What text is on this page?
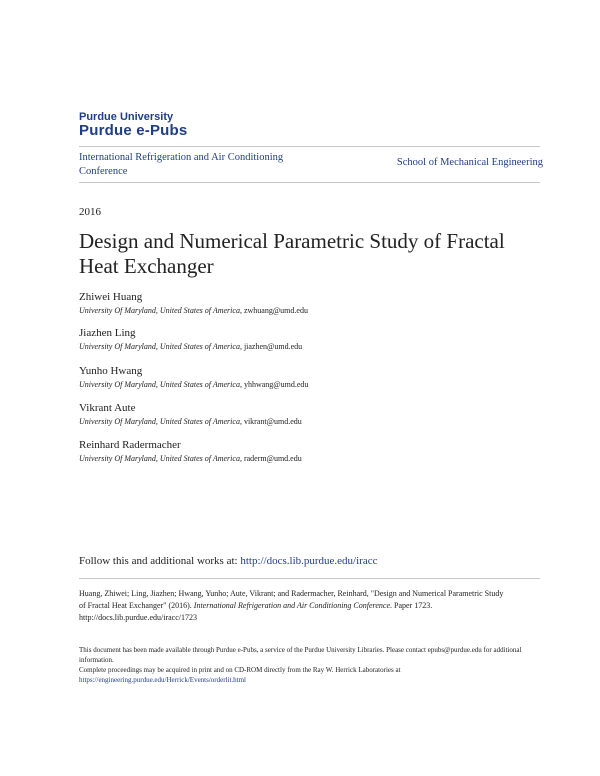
Purdue University
Purdue e-Pubs
International Refrigeration and Air Conditioning Conference
School of Mechanical Engineering
2016
Design and Numerical Parametric Study of Fractal Heat Exchanger
Zhiwei Huang
University Of Maryland, United States of America, zwhuang@umd.edu
Jiazhen Ling
University Of Maryland, United States of America, jiazhen@umd.edu
Yunho Hwang
University Of Maryland, United States of America, yhhwang@umd.edu
Vikrant Aute
University Of Maryland, United States of America, vikrant@umd.edu
Reinhard Radermacher
University Of Maryland, United States of America, raderm@umd.edu
Follow this and additional works at: http://docs.lib.purdue.edu/iracc
Huang, Zhiwei; Ling, Jiazhen; Hwang, Yunho; Aute, Vikrant; and Radermacher, Reinhard, "Design and Numerical Parametric Study
of Fractal Heat Exchanger" (2016). International Refrigeration and Air Conditioning Conference. Paper 1723.
http://docs.lib.purdue.edu/iracc/1723
This document has been made available through Purdue e-Pubs, a service of the Purdue University Libraries. Please contact epubs@purdue.edu for additional information.
Complete proceedings may be acquired in print and on CD-ROM directly from the Ray W. Herrick Laboratories at https://engineering.purdue.edu/Herrick/Events/orderlit.html
